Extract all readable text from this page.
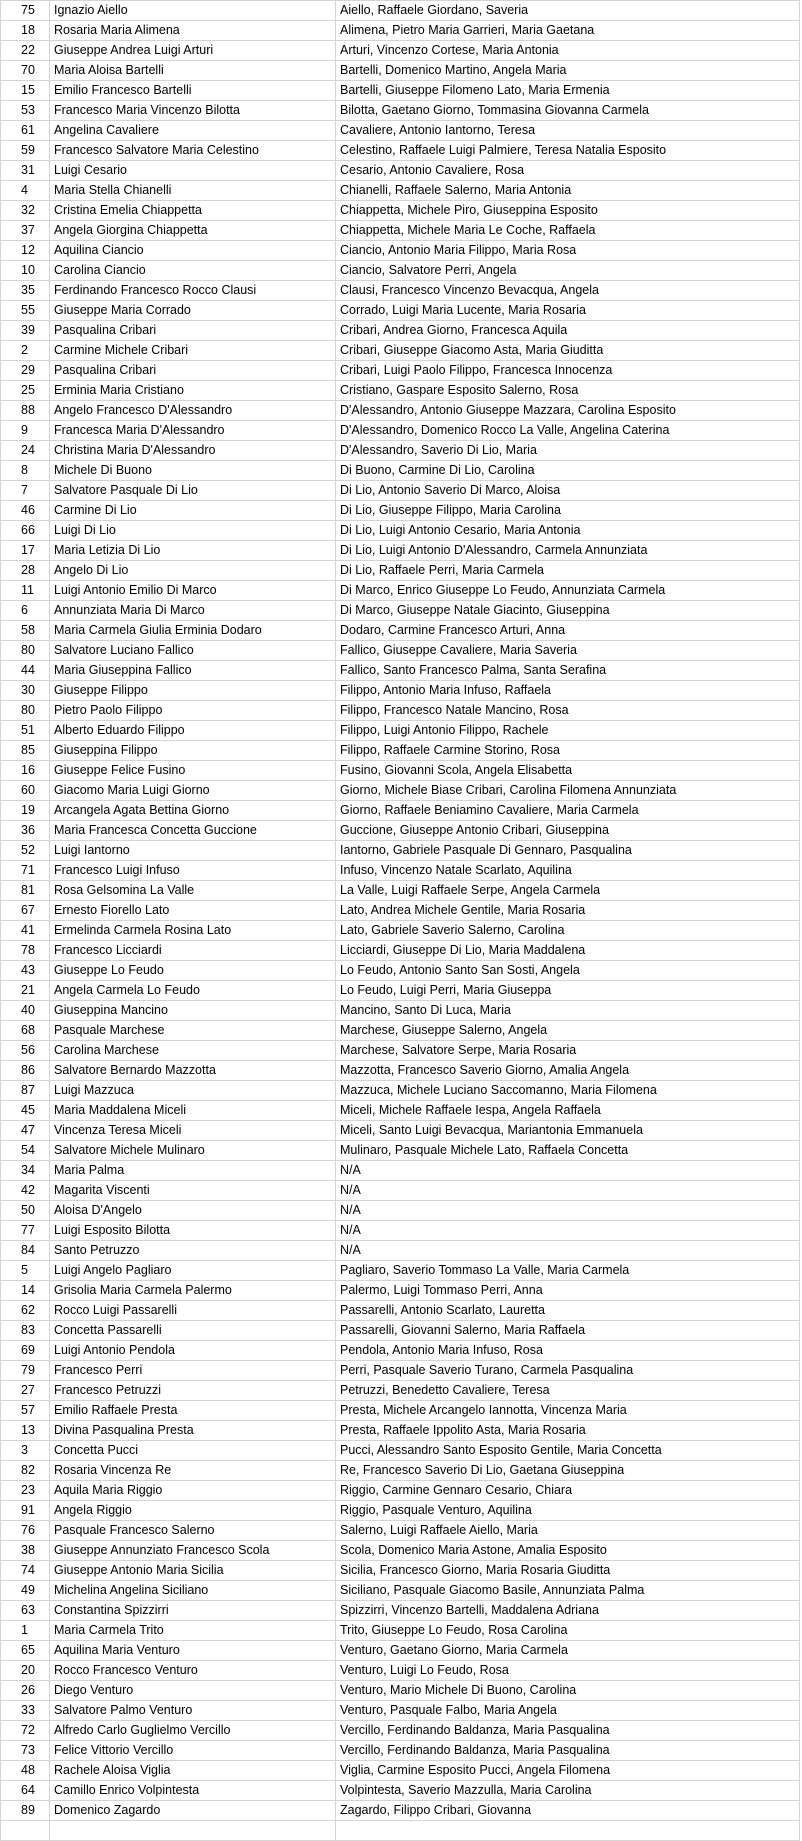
75	Ignazio Aiello	Aiello, Raffaele Giordano, Saveria
18	Rosaria Maria Alimena	Alimena, Pietro Maria Garrieri, Maria Gaetana
22	Giuseppe Andrea Luigi Arturi	Arturi, Vincenzo Cortese, Maria Antonia
70	Maria Aloisa Bartelli	Bartelli, Domenico Martino, Angela Maria
15	Emilio Francesco Bartelli	Bartelli, Giuseppe Filomeno Lato, Maria Ermenia
53	Francesco Maria Vincenzo Bilotta	Bilotta, Gaetano Giorno, Tommasina Giovanna Carmela
61	Angelina Cavaliere	Cavaliere, Antonio Iantorno, Teresa
59	Francesco Salvatore Maria Celestino	Celestino, Raffaele Luigi Palmiere, Teresa Natalia Esposito
31	Luigi Cesario	Cesario, Antonio Cavaliere, Rosa
4	Maria Stella Chianelli	Chianelli, Raffaele Salerno, Maria Antonia
32	Cristina Emelia Chiappetta	Chiappetta, Michele Piro, Giuseppina Esposito
37	Angela Giorgina Chiappetta	Chiappetta, Michele Maria Le Coche, Raffaela
12	Aquilina Ciancio	Ciancio, Antonio Maria Filippo, Maria Rosa
10	Carolina Ciancio	Ciancio, Salvatore Perri, Angela
35	Ferdinando Francesco Rocco Clausi	Clausi, Francesco Vincenzo Bevacqua, Angela
55	Giuseppe Maria Corrado	Corrado, Luigi Maria Lucente, Maria Rosaria
39	Pasqualina Cribari	Cribari, Andrea Giorno, Francesca Aquila
2	Carmine Michele Cribari	Cribari, Giuseppe Giacomo Asta, Maria Giuditta
29	Pasqualina Cribari	Cribari, Luigi Paolo Filippo, Francesca Innocenza
25	Erminia Maria Cristiano	Cristiano, Gaspare Esposito Salerno, Rosa
88	Angelo Francesco D'Alessandro	D'Alessandro, Antonio Giuseppe Mazzara, Carolina Esposito
9	Francesca Maria D'Alessandro	D'Alessandro, Domenico Rocco La Valle, Angelina Caterina
24	Christina Maria D'Alessandro	D'Alessandro, Saverio Di Lio, Maria
8	Michele Di Buono	Di Buono, Carmine Di Lio, Carolina
7	Salvatore Pasquale Di Lio	Di Lio, Antonio Saverio Di Marco, Aloisa
46	Carmine Di Lio	Di Lio, Giuseppe Filippo, Maria Carolina
66	Luigi Di Lio	Di Lio, Luigi Antonio Cesario, Maria Antonia
17	Maria Letizia Di Lio	Di Lio, Luigi Antonio D'Alessandro, Carmela Annunziata
28	Angelo Di Lio	Di Lio, Raffaele Perri, Maria Carmela
11	Luigi Antonio Emilio Di Marco	Di Marco, Enrico Giuseppe Lo Feudo, Annunziata Carmela
6	Annunziata Maria Di Marco	Di Marco, Giuseppe Natale Giacinto, Giuseppina
58	Maria Carmela Giulia Erminia Dodaro	Dodaro, Carmine Francesco Arturi, Anna
80	Salvatore Luciano Fallico	Fallico, Giuseppe Cavaliere, Maria Saveria
44	Maria Giuseppina Fallico	Fallico, Santo Francesco Palma, Santa Serafina
30	Giuseppe Filippo	Filippo, Antonio Maria Infuso, Raffaela
80	Pietro Paolo Filippo	Filippo, Francesco Natale Mancino, Rosa
51	Alberto Eduardo Filippo	Filippo, Luigi Antonio Filippo, Rachele
85	Giuseppina Filippo	Filippo, Raffaele Carmine Storino, Rosa
16	Giuseppe Felice Fusino	Fusino, Giovanni Scola, Angela Elisabetta
60	Giacomo Maria Luigi Giorno	Giorno, Michele Biase Cribari, Carolina Filomena Annunziata
19	Arcangela Agata Bettina Giorno	Giorno, Raffaele Beniamino Cavaliere, Maria Carmela
36	Maria Francesca Concetta Guccione	Guccione, Giuseppe Antonio Cribari, Giuseppina
52	Luigi Iantorno	Iantorno, Gabriele Pasquale Di Gennaro, Pasqualina
71	Francesco Luigi Infuso	Infuso, Vincenzo Natale Scarlato, Aquilina
81	Rosa Gelsomina La Valle	La Valle, Luigi Raffaele Serpe, Angela Carmela
67	Ernesto Fiorello Lato	Lato, Andrea Michele Gentile, Maria Rosaria
41	Ermelinda Carmela Rosina Lato	Lato, Gabriele Saverio Salerno, Carolina
78	Francesco Licciardi	Licciardi, Giuseppe Di Lio, Maria Maddalena
43	Giuseppe Lo Feudo	Lo Feudo, Antonio Santo San Sosti, Angela
21	Angela Carmela Lo Feudo	Lo Feudo, Luigi Perri, Maria Giuseppa
40	Giuseppina Mancino	Mancino, Santo Di Luca, Maria
68	Pasquale Marchese	Marchese, Giuseppe Salerno, Angela
56	Carolina Marchese	Marchese, Salvatore Serpe, Maria Rosaria
86	Salvatore Bernardo Mazzotta	Mazzotta, Francesco Saverio Giorno, Amalia Angela
87	Luigi Mazzuca	Mazzuca, Michele Luciano Saccomanno, Maria Filomena
45	Maria Maddalena Miceli	Miceli, Michele Raffaele Iespa, Angela Raffaela
47	Vincenza Teresa Miceli	Miceli, Santo Luigi Bevacqua, Mariantonia Emmanuela
54	Salvatore Michele Mulinaro	Mulinaro, Pasquale Michele Lato, Raffaela Concetta
34	Maria Palma	N/A
42	Magarita Viscenti	N/A
50	Aloisa D'Angelo	N/A
77	Luigi Esposito Bilotta	N/A
84	Santo Petruzzo	N/A
5	Luigi Angelo Pagliaro	Pagliaro, Saverio Tommaso La Valle, Maria Carmela
14	Grisolia Maria Carmela Palermo	Palermo, Luigi Tommaso Perri, Anna
62	Rocco Luigi Passarelli	Passarelli, Antonio Scarlato, Lauretta
83	Concetta Passarelli	Passarelli, Giovanni Salerno, Maria Raffaela
69	Luigi Antonio Pendola	Pendola, Antonio Maria Infuso, Rosa
79	Francesco Perri	Perri, Pasquale Saverio Turano, Carmela Pasqualina
27	Francesco Petruzzi	Petruzzi, Benedetto Cavaliere, Teresa
57	Emilio Raffaele Presta	Presta, Michele Arcangelo Iannotta, Vincenza Maria
13	Divina Pasqualina Presta	Presta, Raffaele Ippolito Asta, Maria Rosaria
3	Concetta Pucci	Pucci, Alessandro Santo Esposito Gentile, Maria Concetta
82	Rosaria Vincenza Re	Re, Francesco Saverio Di Lio, Gaetana Giuseppina
23	Aquila Maria Riggio	Riggio, Carmine Gennaro Cesario, Chiara
91	Angela Riggio	Riggio, Pasquale Venturo, Aquilina
76	Pasquale Francesco Salerno	Salerno, Luigi Raffaele Aiello, Maria
38	Giuseppe Annunziato Francesco Scola	Scola, Domenico Maria Astone, Amalia Esposito
74	Giuseppe Antonio Maria Sicilia	Sicilia, Francesco Giorno, Maria Rosaria Giuditta
49	Michelina Angelina Siciliano	Siciliano, Pasquale Giacomo Basile, Annunziata Palma
63	Constantina Spizzirri	Spizzirri, Vincenzo Bartelli, Maddalena Adriana
1	Maria Carmela Trito	Trito, Giuseppe Lo Feudo, Rosa Carolina
65	Aquilina Maria Venturo	Venturo, Gaetano Giorno, Maria Carmela
20	Rocco Francesco Venturo	Venturo, Luigi Lo Feudo, Rosa
26	Diego Venturo	Venturo, Mario Michele Di Buono, Carolina
33	Salvatore Palmo Venturo	Venturo, Pasquale Falbo, Maria Angela
72	Alfredo Carlo Guglielmo Vercillo	Vercillo, Ferdinando Baldanza, Maria Pasqualina
73	Felice Vittorio Vercillo	Vercillo, Ferdinando Baldanza, Maria Pasqualina
48	Rachele Aloisa Viglia	Viglia, Carmine Esposito Pucci, Angela Filomena
64	Camillo Enrico Volpintesta	Volpintesta, Saverio Mazzulla, Maria Carolina
89	Domenico Zagardo	Zagardo, Filippo Cribari, Giovanna
